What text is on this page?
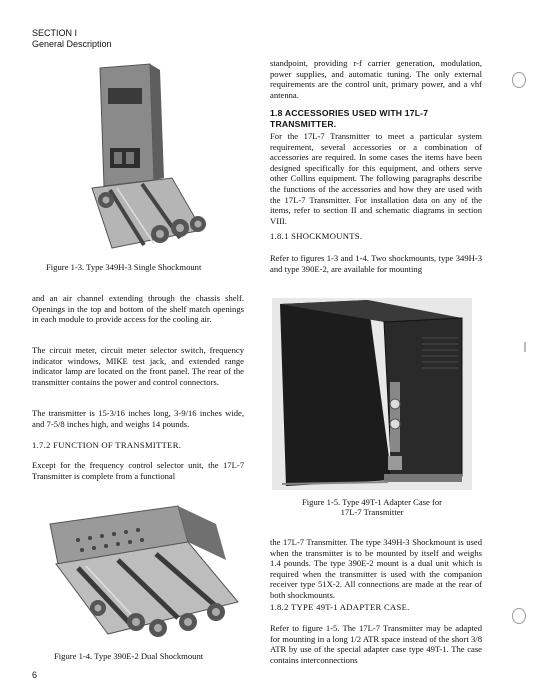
SECTION I
General Description
Figure 1-3. Type 349H-3 Single Shockmount
and an air channel extending through the chassis shelf. Openings in the top and bottom of the shelf match openings in each module to provide access for the cooling air.
The circuit meter, circuit meter selector switch, frequency indicator windows, MIKE test jack, and extended range indicator lamp are located on the front panel. The rear of the transmitter contains the power and control connectors.
The transmitter is 15-3/16 inches long, 3-9/16 inches wide, and 7-5/8 inches high, and weighs 14 pounds.
1.7.2 FUNCTION OF TRANSMITTER.
Except for the frequency control selector unit, the 17L-7 Transmitter is complete from a functional
Figure 1-4. Type 390E-2 Dual Shockmount
6
standpoint, providing r-f carrier generation, modulation, power supplies, and automatic tuning. The only external requirements are the control unit, primary power, and a vhf antenna.
1.8 ACCESSORIES USED WITH 17L-7 TRANSMITTER.
For the 17L-7 Transmitter to meet a particular system requirement, several accessories or a combination of accessories are required. In some cases the items have been designed specifically for this equipment, and others serve other Collins equipment. The following paragraphs describe the functions of the accessories and how they are used with the 17L-7 Transmitter. For installation data on any of the items, refer to section II and schematic diagrams in section VIII.
1.8.1 SHOCKMOUNTS.
Refer to figures 1-3 and 1-4. Two shockmounts, type 349H-3 and type 390E-2, are available for mounting
Figure 1-5. Type 49T-1 Adapter Case for
17L-7 Transmitter
the 17L-7 Transmitter. The type 349H-3 Shockmount is used when the transmitter is to be mounted by itself and weighs 1.4 pounds. The type 390E-2 mount is a dual unit which is required when the transmitter is used with the companion receiver type 51X-2. All connections are made at the rear of both shockmounts.
1.8.2 TYPE 49T-1 ADAPTER CASE.
Refer to figure 1-5. The 17L-7 Transmitter may be adapted for mounting in a long 1/2 ATR space instead of the short 3/8 ATR by use of the special adapter case type 49T-1. The case contains interconnections
